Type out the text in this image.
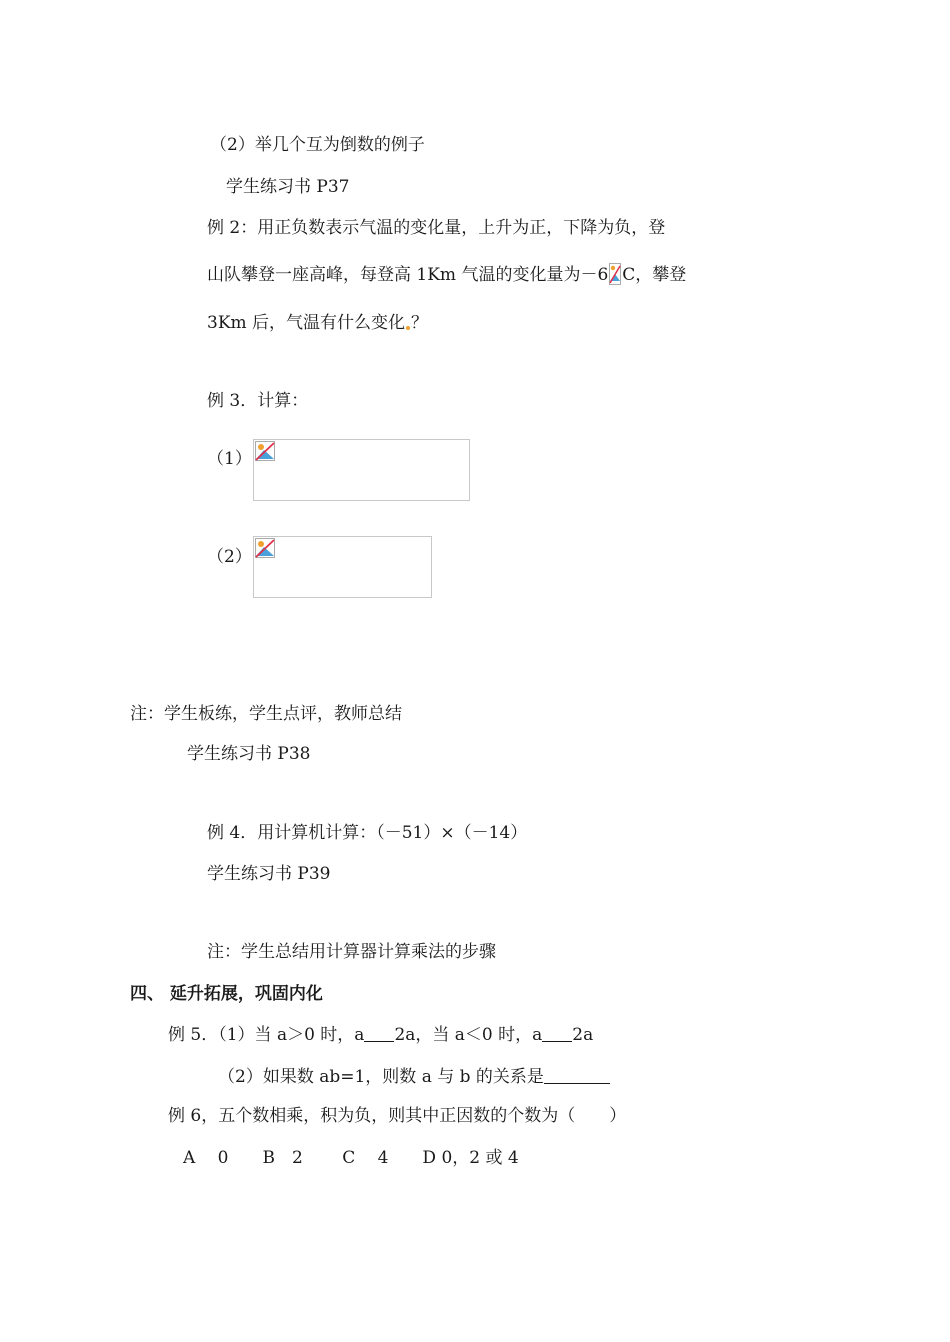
（2）举几个互为倒数的例子
学生练习书 P37
例 2：用正负数表示气温的变化量，上升为正，下降为负，登
山队攀登一座高峰，每登高 1Km 气温的变化量为－6 C，攀登
3Km 后，气温有什么变化 ？
例 3．计算：
（1）
（2）
注：学生板练，学生点评，教师总结
学生练习书 P38
例 4．用计算机计算：（－51）×（－14）
学生练习书 P39
注：学生总结用计算器计算乘法的步骤
四、 延升拓展，巩固内化
例 5．（1）当 a＞0 时，a 2a，当 a＜0 时，a 2a
（2）如果数 ab=1，则数 a 与 b 的关系是
例 6，五个数相乘，积为负，则其中正因数的个数为（　　）
A　 0　　B　2　　 C　 4　　D 0，2 或 4
